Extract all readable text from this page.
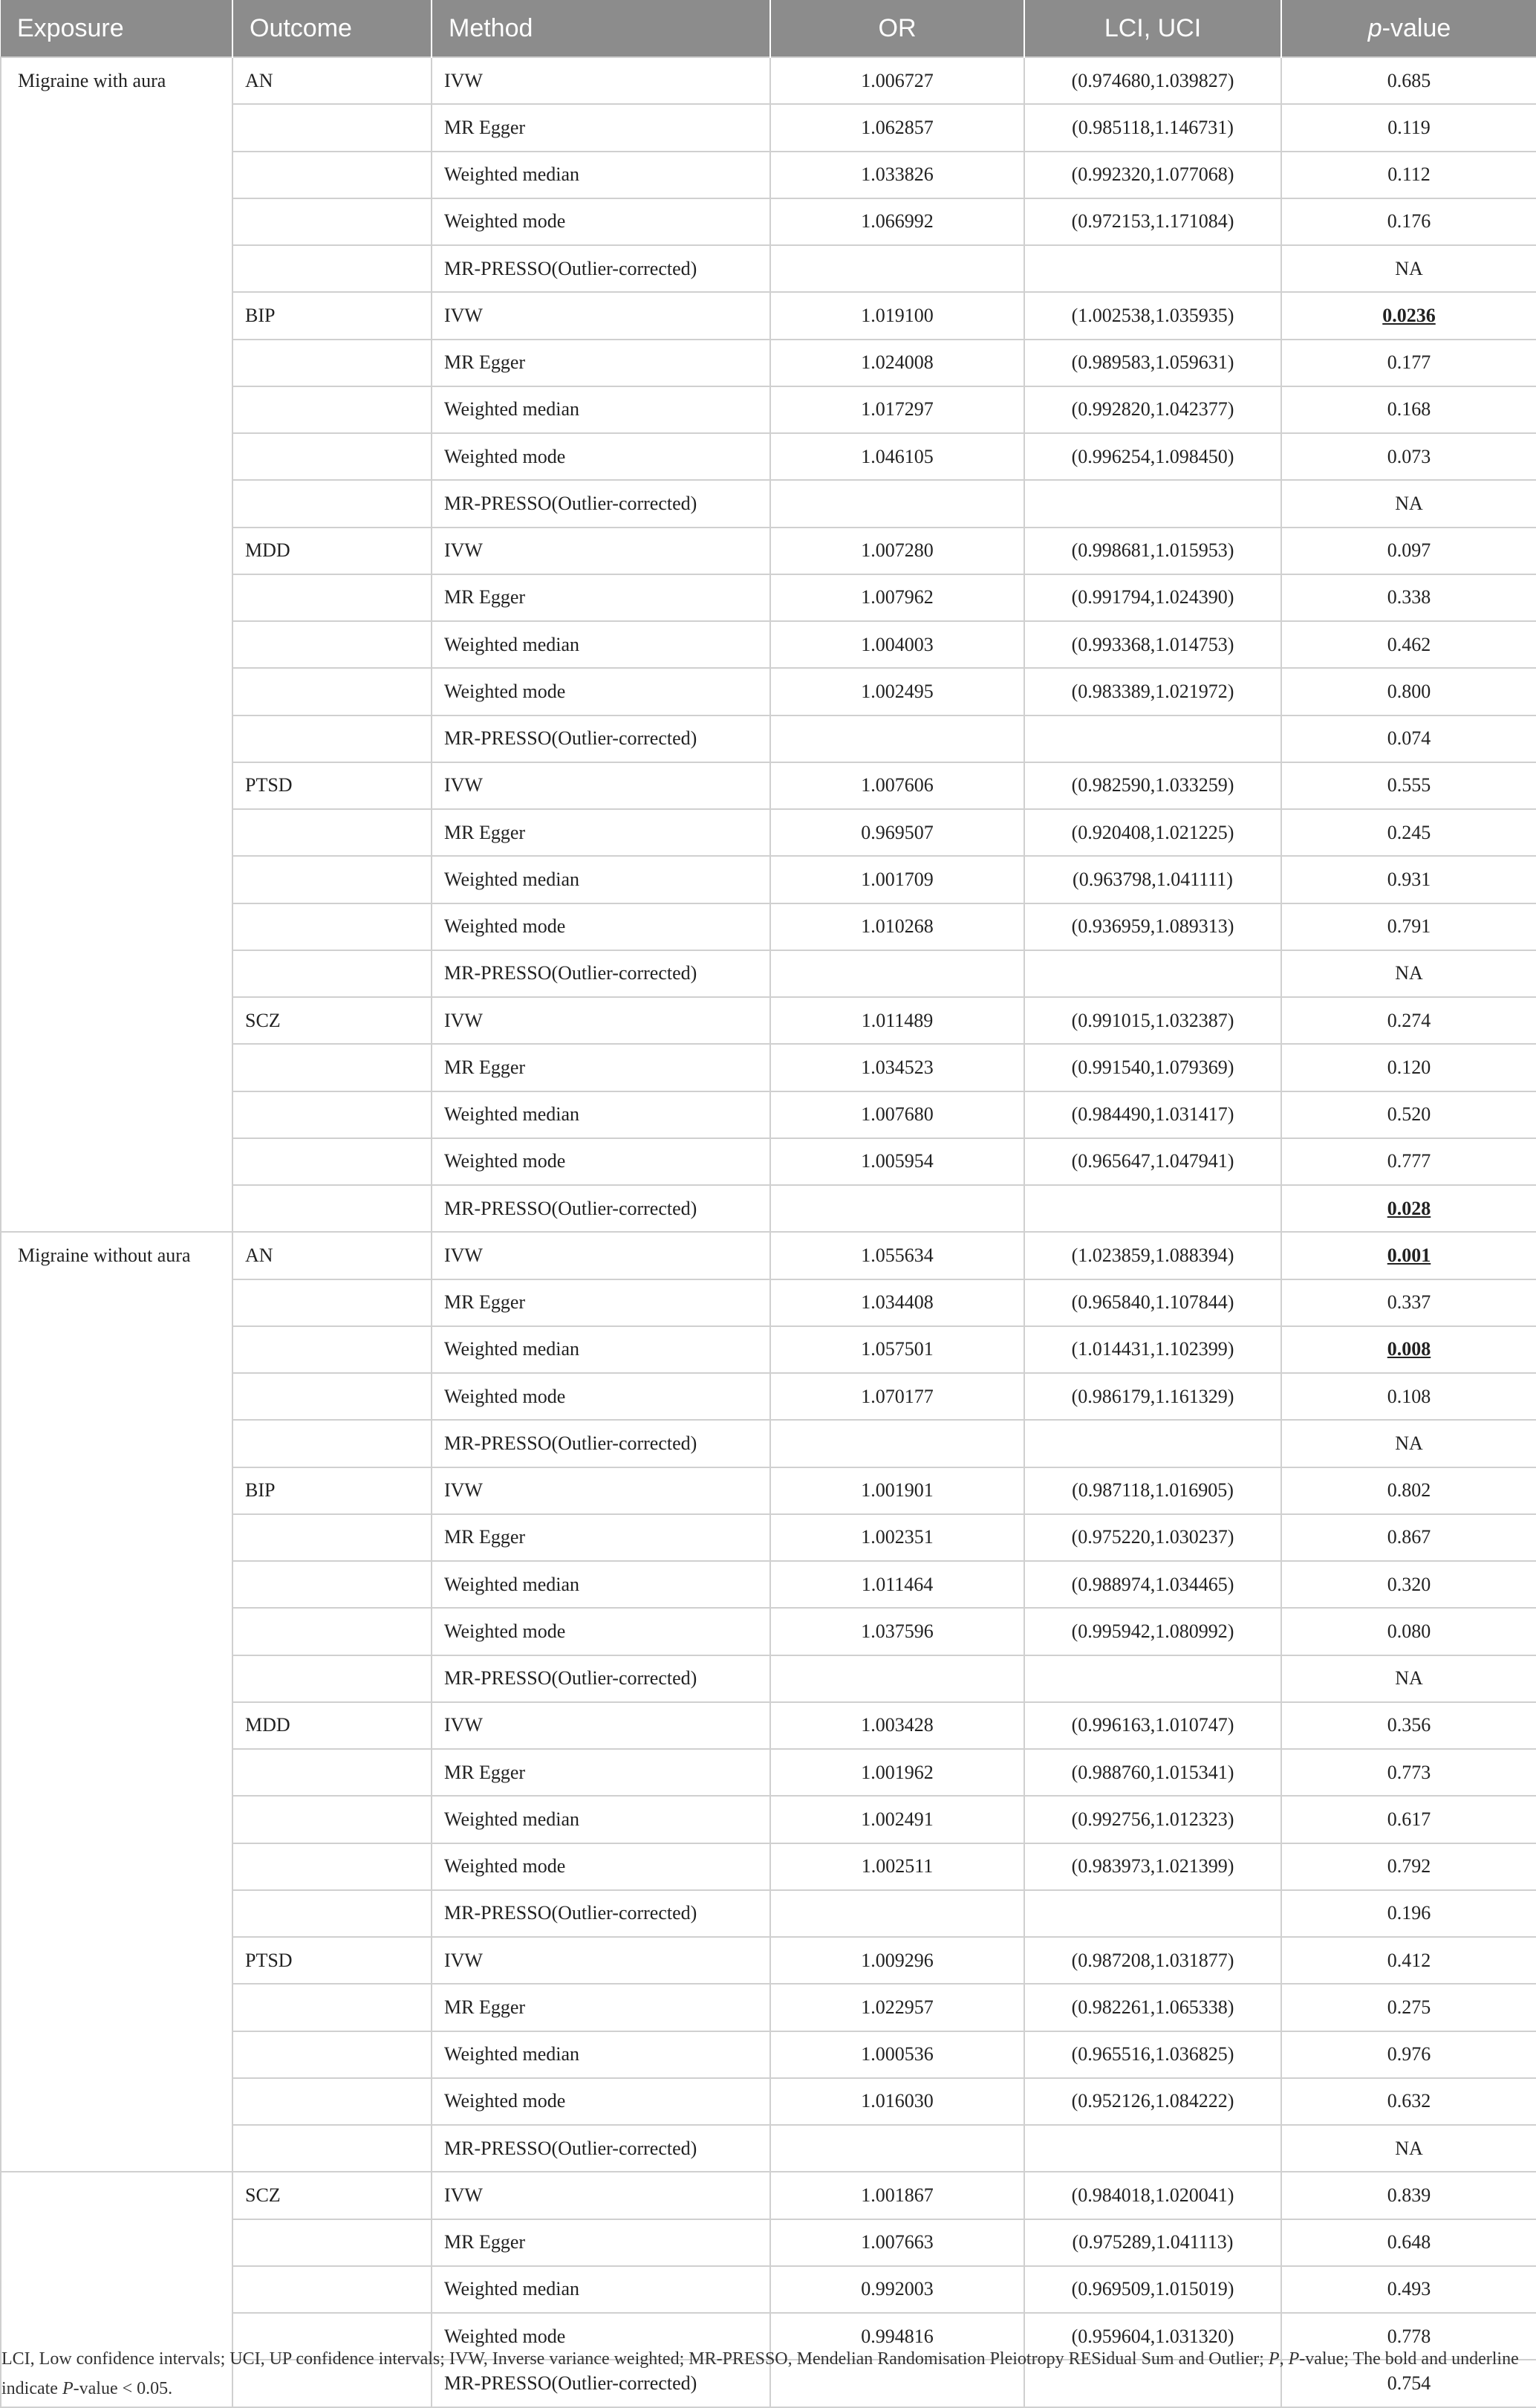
Exposure	Outcome	Method	OR	LCI, UCI	p-value
Migraine with aura	AN	IVW	1.006727	(0.974680,1.039827)	0.685
		MR Egger	1.062857	(0.985118,1.146731)	0.119
		Weighted median	1.033826	(0.992320,1.077068)	0.112
		Weighted mode	1.066992	(0.972153,1.171084)	0.176
		MR-PRESSO(Outlier-corrected)			NA
	BIP	IVW	1.019100	(1.002538,1.035935)	0.0236
		MR Egger	1.024008	(0.989583,1.059631)	0.177
		Weighted median	1.017297	(0.992820,1.042377)	0.168
		Weighted mode	1.046105	(0.996254,1.098450)	0.073
		MR-PRESSO(Outlier-corrected)			NA
	MDD	IVW	1.007280	(0.998681,1.015953)	0.097
		MR Egger	1.007962	(0.991794,1.024390)	0.338
		Weighted median	1.004003	(0.993368,1.014753)	0.462
		Weighted mode	1.002495	(0.983389,1.021972)	0.800
		MR-PRESSO(Outlier-corrected)			0.074
	PTSD	IVW	1.007606	(0.982590,1.033259)	0.555
		MR Egger	0.969507	(0.920408,1.021225)	0.245
		Weighted median	1.001709	(0.963798,1.041111)	0.931
		Weighted mode	1.010268	(0.936959,1.089313)	0.791
		MR-PRESSO(Outlier-corrected)			NA
	SCZ	IVW	1.011489	(0.991015,1.032387)	0.274
		MR Egger	1.034523	(0.991540,1.079369)	0.120
		Weighted median	1.007680	(0.984490,1.031417)	0.520
		Weighted mode	1.005954	(0.965647,1.047941)	0.777
		MR-PRESSO(Outlier-corrected)			0.028
Migraine without aura	AN	IVW	1.055634	(1.023859,1.088394)	0.001
		MR Egger	1.034408	(0.965840,1.107844)	0.337
		Weighted median	1.057501	(1.014431,1.102399)	0.008
		Weighted mode	1.070177	(0.986179,1.161329)	0.108
		MR-PRESSO(Outlier-corrected)			NA
	BIP	IVW	1.001901	(0.987118,1.016905)	0.802
		MR Egger	1.002351	(0.975220,1.030237)	0.867
		Weighted median	1.011464	(0.988974,1.034465)	0.320
		Weighted mode	1.037596	(0.995942,1.080992)	0.080
		MR-PRESSO(Outlier-corrected)			NA
	MDD	IVW	1.003428	(0.996163,1.010747)	0.356
		MR Egger	1.001962	(0.988760,1.015341)	0.773
		Weighted median	1.002491	(0.992756,1.012323)	0.617
		Weighted mode	1.002511	(0.983973,1.021399)	0.792
		MR-PRESSO(Outlier-corrected)			0.196
	PTSD	IVW	1.009296	(0.987208,1.031877)	0.412
		MR Egger	1.022957	(0.982261,1.065338)	0.275
		Weighted median	1.000536	(0.965516,1.036825)	0.976
		Weighted mode	1.016030	(0.952126,1.084222)	0.632
		MR-PRESSO(Outlier-corrected)			NA
	SCZ	IVW	1.001867	(0.984018,1.020041)	0.839
		MR Egger	1.007663	(0.975289,1.041113)	0.648
		Weighted median	0.992003	(0.969509,1.015019)	0.493
		Weighted mode	0.994816	(0.959604,1.031320)	0.778
		MR-PRESSO(Outlier-corrected)			0.754
LCI, Low confidence intervals; UCI, UP confidence intervals; IVW, Inverse variance weighted; MR-PRESSO, Mendelian Randomisation Pleiotropy RESidual Sum and Outlier; P, P-value; The bold and underline indicate P-value < 0.05.
